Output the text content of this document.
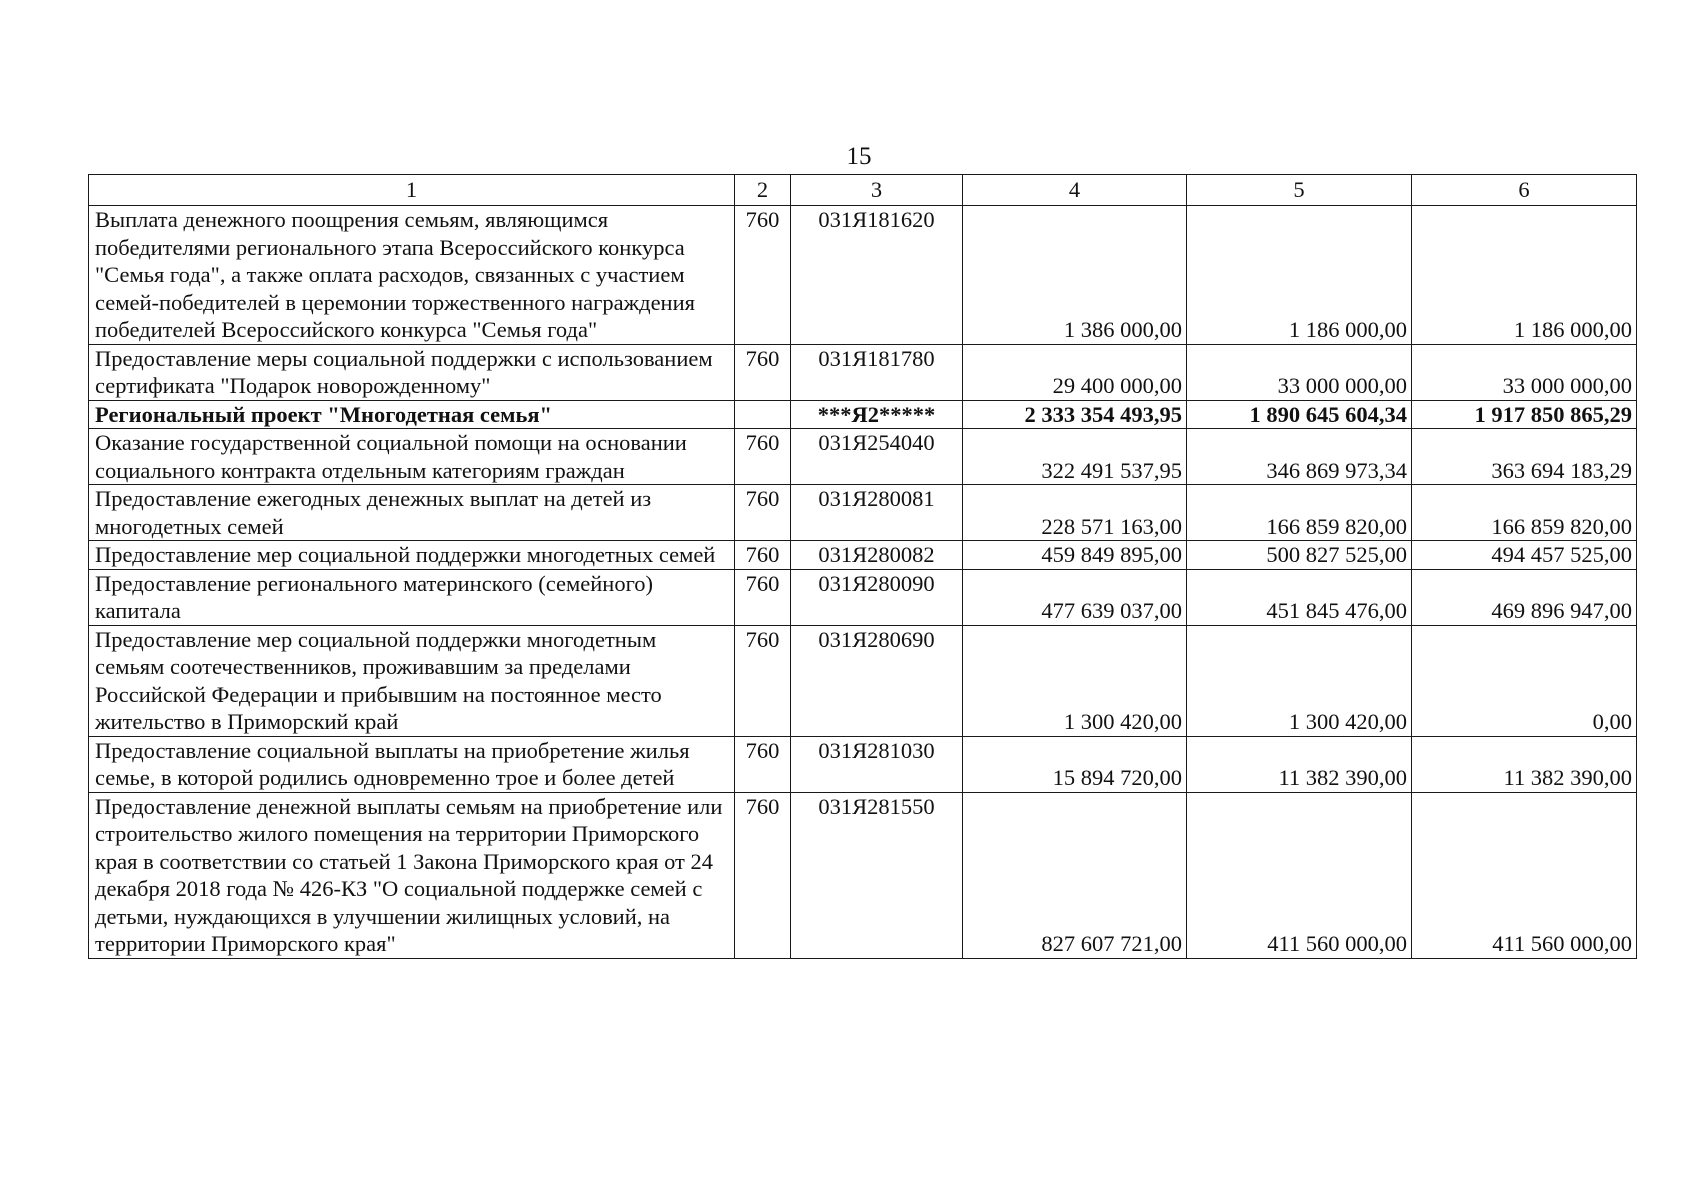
15
1	2	3	4	5	6
Выплата денежного поощрения семьям, являющимся победителями регионального этапа Всероссийского конкурса "Семья года", а также оплата расходов, связанных с участием семей-победителей в церемонии торжественного награждения победителей Всероссийского конкурса "Семья года"	760	031Я181620	1 386 000,00	1 186 000,00	1 186 000,00
Предоставление меры социальной поддержки с использованием сертификата "Подарок новорожденному"	760	031Я181780	29 400 000,00	33 000 000,00	33 000 000,00
Региональный проект "Многодетная семья"		***Я2*****	2 333 354 493,95	1 890 645 604,34	1 917 850 865,29
Оказание государственной социальной помощи на основании социального контракта отдельным категориям граждан	760	031Я254040	322 491 537,95	346 869 973,34	363 694 183,29
Предоставление ежегодных денежных выплат на детей из многодетных семей	760	031Я280081	228 571 163,00	166 859 820,00	166 859 820,00
Предоставление мер социальной поддержки многодетных семей	760	031Я280082	459 849 895,00	500 827 525,00	494 457 525,00
Предоставление регионального материнского (семейного) капитала	760	031Я280090	477 639 037,00	451 845 476,00	469 896 947,00
Предоставление мер социальной поддержки многодетным семьям соотечественников, проживавшим за пределами Российской Федерации и прибывшим на постоянное место жительство в Приморский край	760	031Я280690	1 300 420,00	1 300 420,00	0,00
Предоставление социальной выплаты на приобретение жилья семье, в которой родились одновременно трое и более детей	760	031Я281030	15 894 720,00	11 382 390,00	11 382 390,00
Предоставление денежной выплаты семьям на приобретение или строительство жилого помещения на территории Приморского края в соответствии со статьей 1 Закона Приморского края от 24 декабря 2018 года № 426-КЗ "О социальной поддержке семей с детьми, нуждающихся в улучшении жилищных условий, на территории Приморского края"	760	031Я281550	827 607 721,00	411 560 000,00	411 560 000,00
